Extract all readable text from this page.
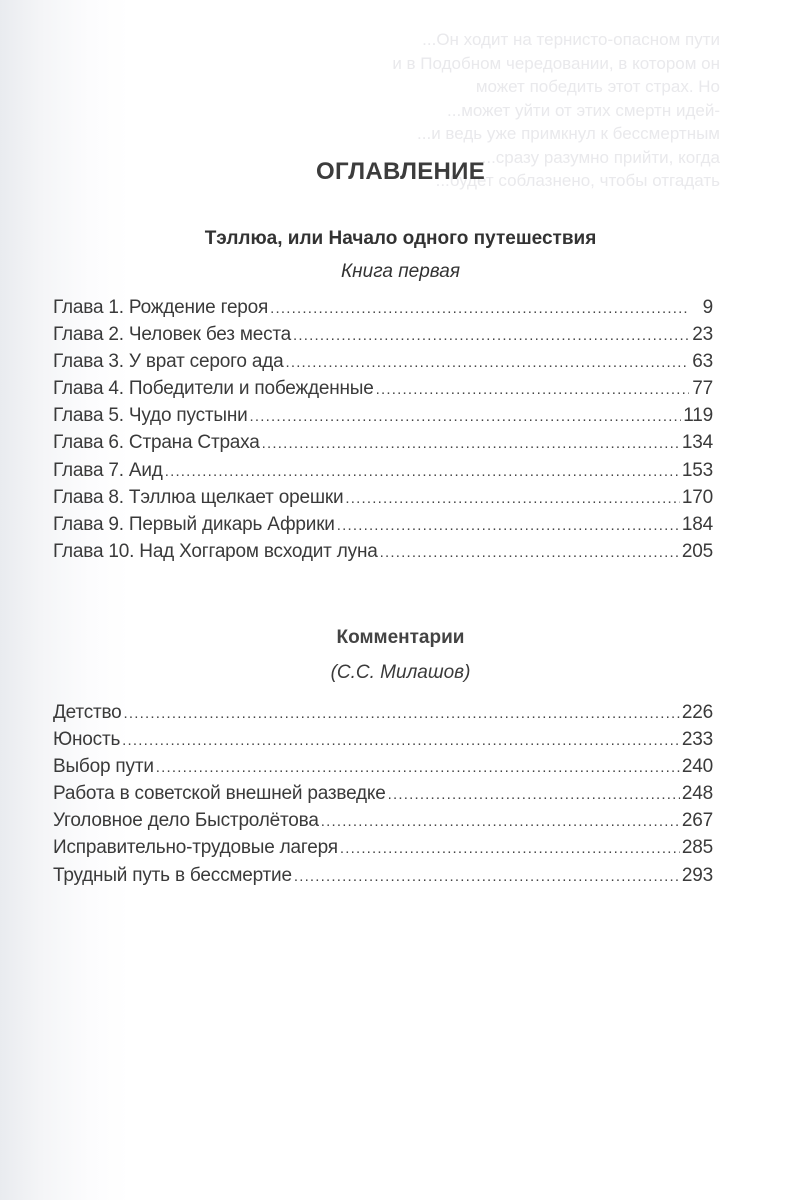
...Он ходит на тернисто-опасном пути
и в Подобном чередовании, в котором он
может победить этот страх. Но
...может уйти от этих смертн идей-
...и ведь уже примкнул к бессмертным
...сразу разумно прийти, когда
...будет соблазнено, чтобы отгадать
ОГЛАВЛЕНИЕ
Тэллюа, или Начало одного путешествия
Книга первая
Глава 1. Рождение героя .....	9
Глава 2. Человек без места .....	23
Глава 3. У врат серого ада .....	63
Глава 4. Победители и побежденные .....	77
Глава 5. Чудо пустыни .....	119
Глава 6. Страна Страха .....	134
Глава 7. Аид .....	153
Глава 8. Тэллюа щелкает орешки .....	170
Глава 9. Первый дикарь Африки .....	184
Глава 10. Над Хоггаром всходит луна .....	205
Комментарии
(С.С. Милашов)
Детство .....	226
Юность .....	233
Выбор пути .....	240
Работа в советской внешней разведке .....	248
Уголовное дело Быстролётова .....	267
Исправительно-трудовые лагеря .....	285
Трудный путь в бессмертие .....	293
